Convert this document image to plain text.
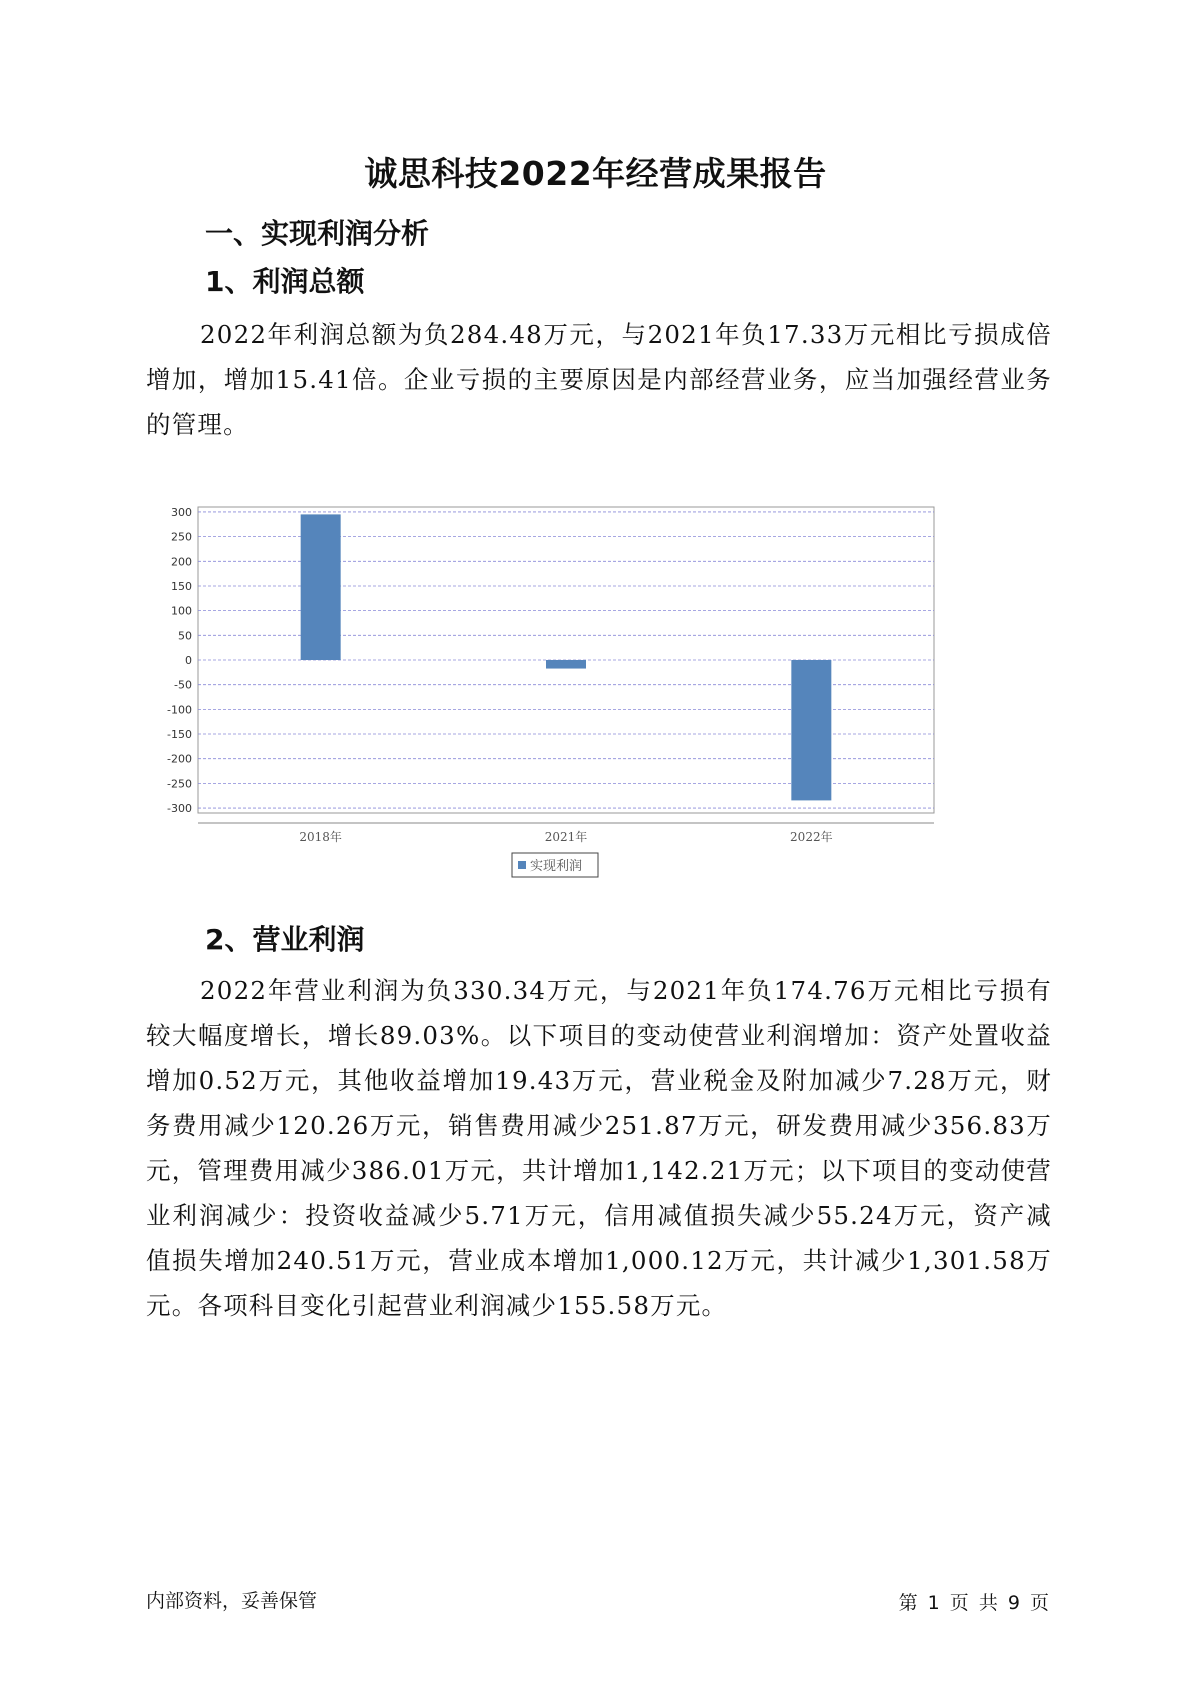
诚思科技2022年经营成果报告
一、实现利润分析
1、利润总额

2022年利润总额为负284.48万元，与2021年负17.33万元相比亏损成倍增加，增加15.41倍。企业亏损的主要原因是内部经营业务，应当加强经营业务的管理。

300
250
200
150
100
50
0
-50
-100
-150
-200
-250
-300
2018年	2021年	2022年
实现利润
2、营业利润

2022年营业利润为负330.34万元，与2021年负174.76万元相比亏损有较大幅度增长，增长89.03%。以下项目的变动使营业利润增加：资产处置收益增加0.52万元，其他收益增加19.43万元，营业税金及附加减少7.28万元，财务费用减少120.26万元，销售费用减少251.87万元，研发费用减少356.83万元，管理费用减少386.01万元，共计增加1,142.21万元；以下项目的变动使营业利润减少：投资收益减少5.71万元，信用减值损失减少55.24万元，资产减值损失增加240.51万元，营业成本增加1,000.12万元，共计减少1,301.58万元。各项科目变化引起营业利润减少155.58万元。

内部资料，妥善保管	第 1 页 共 9 页
